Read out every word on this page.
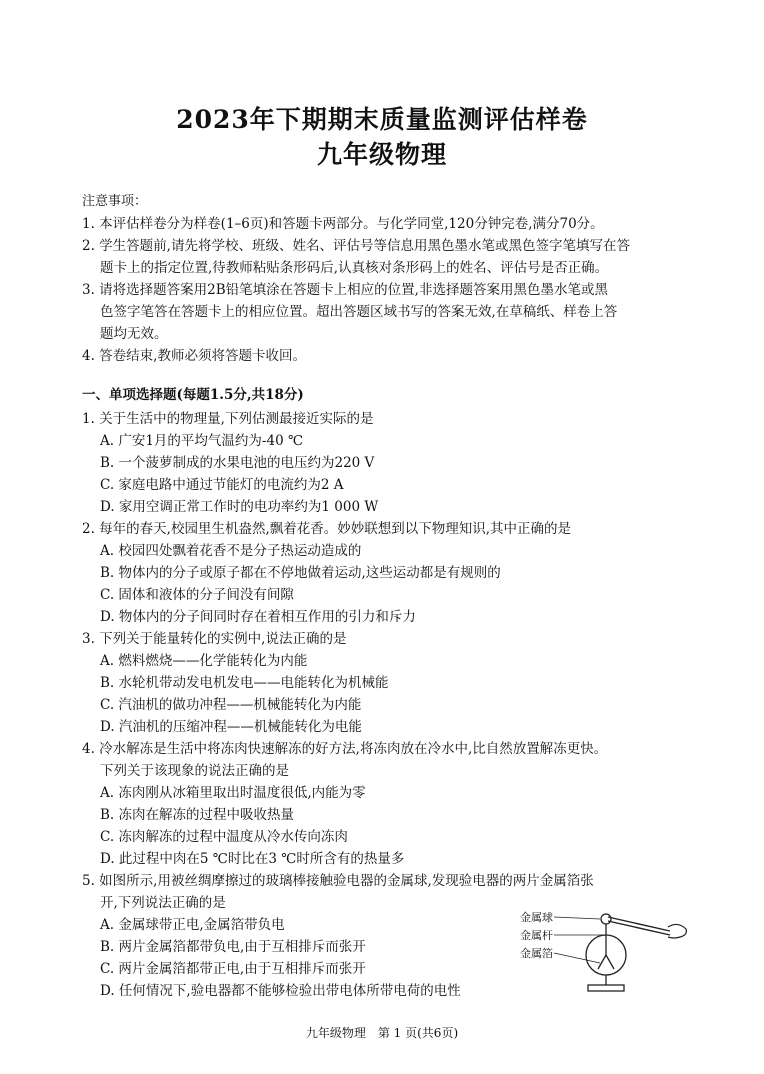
2023年下期期末质量监测评估样卷
九年级物理
注意事项：
1. 本评估样卷分为样卷(1–6页)和答题卡两部分。与化学同堂,120分钟完卷,满分70分。
2. 学生答题前,请先将学校、班级、姓名、评估号等信息用黑色墨水笔或黑色签字笔填写在答
题卡上的指定位置,待教师粘贴条形码后,认真核对条形码上的姓名、评估号是否正确。
3. 请将选择题答案用2B铅笔填涂在答题卡上相应的位置,非选择题答案用黑色墨水笔或黑
色签字笔答在答题卡上的相应位置。超出答题区域书写的答案无效,在草稿纸、样卷上答
题均无效。
4. 答卷结束,教师必须将答题卡收回。
一、单项选择题(每题1.5分,共18分)
1. 关于生活中的物理量,下列估测最接近实际的是
A. 广安1月的平均气温约为-40 ℃
B. 一个菠萝制成的水果电池的电压约为220 V
C. 家庭电路中通过节能灯的电流约为2 A
D. 家用空调正常工作时的电功率约为1 000 W
2. 每年的春天,校园里生机盎然,飘着花香。妙妙联想到以下物理知识,其中正确的是
A. 校园四处飘着花香不是分子热运动造成的
B. 物体内的分子或原子都在不停地做着运动,这些运动都是有规则的
C. 固体和液体的分子间没有间隙
D. 物体内的分子间同时存在着相互作用的引力和斥力
3. 下列关于能量转化的实例中,说法正确的是
A. 燃料燃烧——化学能转化为内能
B. 水轮机带动发电机发电——电能转化为机械能
C. 汽油机的做功冲程——机械能转化为内能
D. 汽油机的压缩冲程——机械能转化为电能
4. 冷水解冻是生活中将冻肉快速解冻的好方法,将冻肉放在冷水中,比自然放置解冻更快。
下列关于该现象的说法正确的是
A. 冻肉刚从冰箱里取出时温度很低,内能为零
B. 冻肉在解冻的过程中吸收热量
C. 冻肉解冻的过程中温度从冷水传向冻肉
D. 此过程中肉在5 ℃时比在3 ℃时所含有的热量多
5. 如图所示,用被丝绸摩擦过的玻璃棒接触验电器的金属球,发现验电器的两片金属箔张
开,下列说法正确的是
A. 金属球带正电,金属箔带负电
B. 两片金属箔都带负电,由于互相排斥而张开
C. 两片金属箔都带正电,由于互相排斥而张开
D. 任何情况下,验电器都不能够检验出带电体所带电荷的电性
金属球
金属杆
金属箔
九年级物理　第 1 页(共6页)
